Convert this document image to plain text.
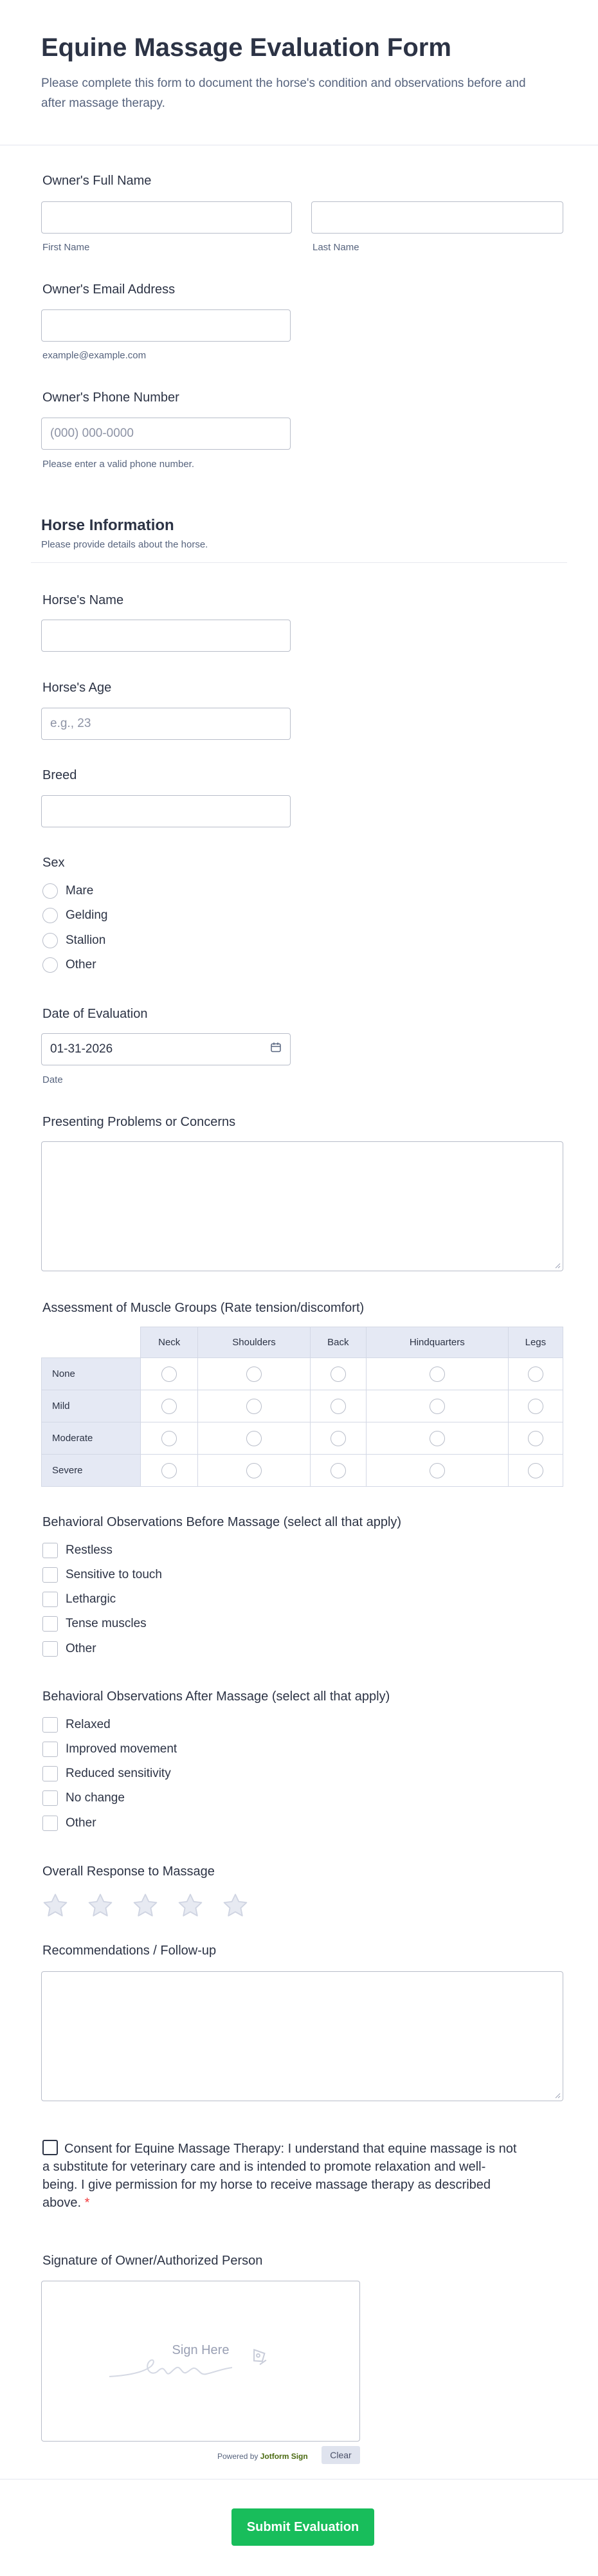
Equine Massage Evaluation Form

Please complete this form to document the horse's condition and observations before and after massage therapy.

Owner's Full Name
First Name	Last Name
Owner's Email Address
example@example.com
Owner's Phone Number
(000) 000-0000
Please enter a valid phone number.
Horse Information
Please provide details about the horse.
Horse's Name
Horse's Age
e.g., 23
Breed
Sex
Mare
Gelding
Stallion
Other
Date of Evaluation
01-31-2026
Date
Presenting Problems or Concerns
Assessment of Muscle Groups (Rate tension/discomfort)
	Neck	Shoulders	Back	Hindquarters	Legs
None					
Mild					
Moderate					
Severe					
Behavioral Observations Before Massage (select all that apply)
Restless
Sensitive to touch
Lethargic
Tense muscles
Other
Behavioral Observations After Massage (select all that apply)
Relaxed
Improved movement
Reduced sensitivity
No change
Other
Overall Response to Massage
Recommendations / Follow-up
Consent for Equine Massage Therapy: I understand that equine massage is not a substitute for veterinary care and is intended to promote relaxation and well-being. I give permission for my horse to receive massage therapy as described above. *
Signature of Owner/Authorized Person
Sign Here
Powered by Jotform Sign	Clear
Submit Evaluation
